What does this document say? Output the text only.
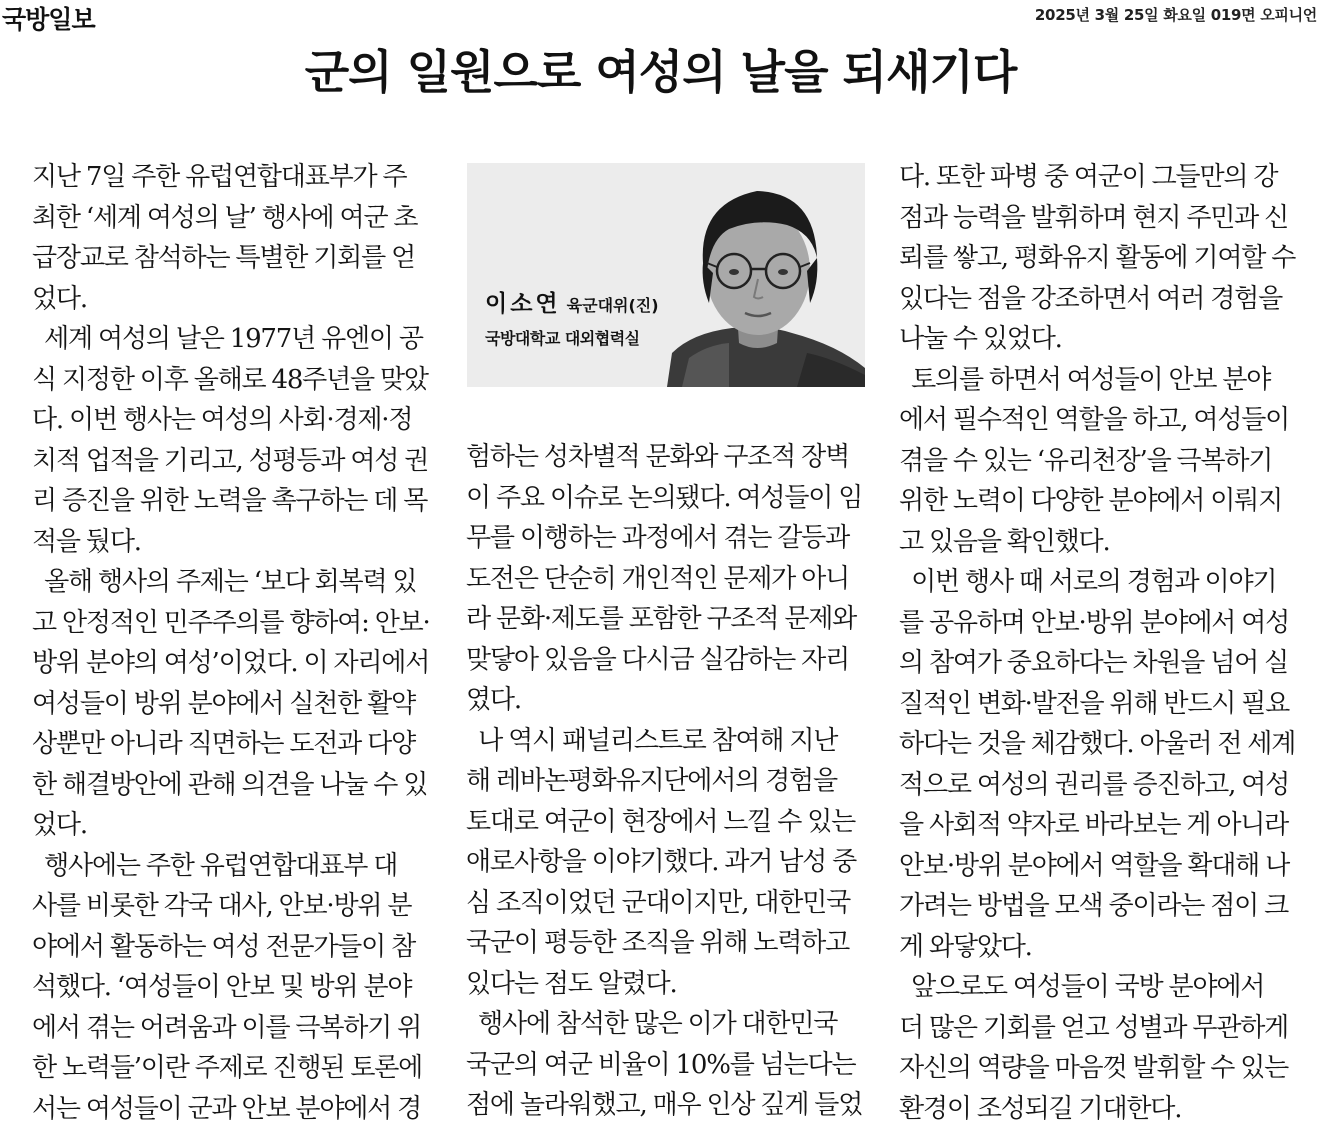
국방일보	2025년 3월 25일 화요일 019면 오피니언
군의 일원으로 여성의 날을 되새기다
지난 7일 주한 유럽연합대표부가 주
최한 ‘세계 여성의 날’ 행사에 여군 초
급장교로 참석하는 특별한 기회를 얻
었다.
세계 여성의 날은 1977년 유엔이 공
식 지정한 이후 올해로 48주년을 맞았
다. 이번 행사는 여성의 사회·경제·정
치적 업적을 기리고, 성평등과 여성 권
리 증진을 위한 노력을 촉구하는 데 목
적을 뒀다.
올해 행사의 주제는 ‘보다 회복력 있
고 안정적인 민주주의를 향하여: 안보·
방위 분야의 여성’이었다. 이 자리에서
여성들이 방위 분야에서 실천한 활약
상뿐만 아니라 직면하는 도전과 다양
한 해결방안에 관해 의견을 나눌 수 있
었다.
행사에는 주한 유럽연합대표부 대
사를 비롯한 각국 대사, 안보·방위 분
야에서 활동하는 여성 전문가들이 참
석했다. ‘여성들이 안보 및 방위 분야
에서 겪는 어려움과 이를 극복하기 위
한 노력들’이란 주제로 진행된 토론에
서는 여성들이 군과 안보 분야에서 경
이소연 육군대위(진)
국방대학교 대외협력실
험하는 성차별적 문화와 구조적 장벽
이 주요 이슈로 논의됐다. 여성들이 임
무를 이행하는 과정에서 겪는 갈등과
도전은 단순히 개인적인 문제가 아니
라 문화·제도를 포함한 구조적 문제와
맞닿아 있음을 다시금 실감하는 자리
였다.
나 역시 패널리스트로 참여해 지난
해 레바논평화유지단에서의 경험을
토대로 여군이 현장에서 느낄 수 있는
애로사항을 이야기했다. 과거 남성 중
심 조직이었던 군대이지만, 대한민국
국군이 평등한 조직을 위해 노력하고
있다는 점도 알렸다.
행사에 참석한 많은 이가 대한민국
국군의 여군 비율이 10%를 넘는다는
점에 놀라워했고, 매우 인상 깊게 들었
다. 또한 파병 중 여군이 그들만의 강
점과 능력을 발휘하며 현지 주민과 신
뢰를 쌓고, 평화유지 활동에 기여할 수
있다는 점을 강조하면서 여러 경험을
나눌 수 있었다.
토의를 하면서 여성들이 안보 분야
에서 필수적인 역할을 하고, 여성들이
겪을 수 있는 ‘유리천장’을 극복하기
위한 노력이 다양한 분야에서 이뤄지
고 있음을 확인했다.
이번 행사 때 서로의 경험과 이야기
를 공유하며 안보·방위 분야에서 여성
의 참여가 중요하다는 차원을 넘어 실
질적인 변화·발전을 위해 반드시 필요
하다는 것을 체감했다. 아울러 전 세계
적으로 여성의 권리를 증진하고, 여성
을 사회적 약자로 바라보는 게 아니라
안보·방위 분야에서 역할을 확대해 나
가려는 방법을 모색 중이라는 점이 크
게 와닿았다.
앞으로도 여성들이 국방 분야에서
더 많은 기회를 얻고 성별과 무관하게
자신의 역량을 마음껏 발휘할 수 있는
환경이 조성되길 기대한다.
